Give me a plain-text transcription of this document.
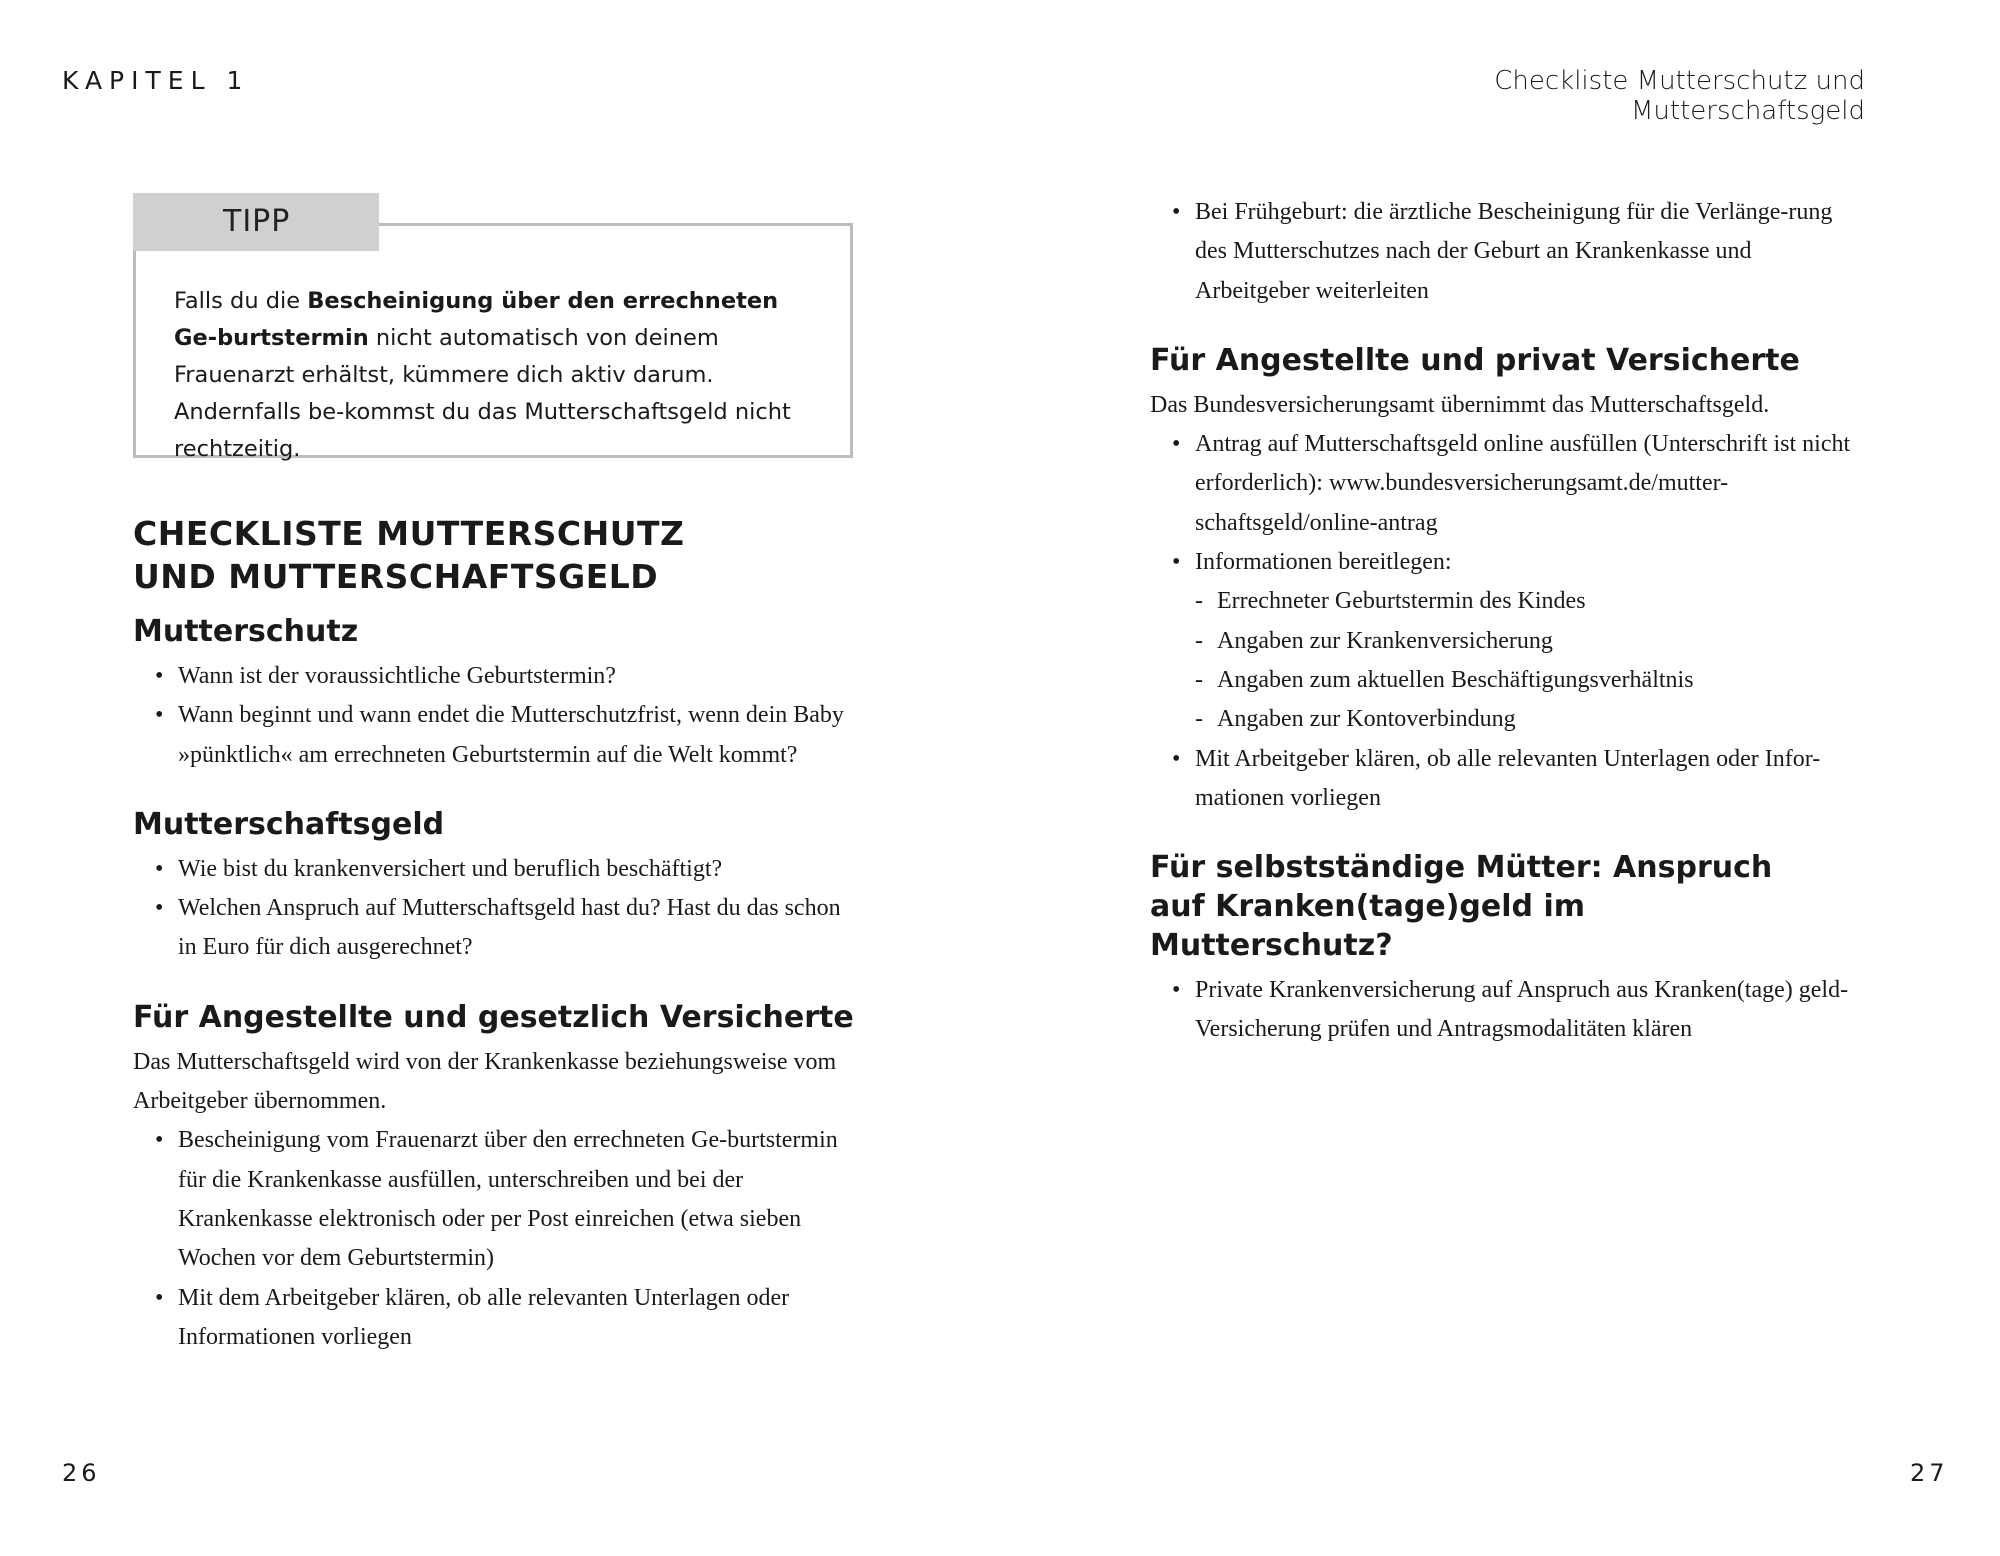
KAPITEL 1	Checkliste Mutterschutz und Mutterschaftsgeld
TIPP

Falls du die Bescheinigung über den errechneten Ge-burtstermin nicht automatisch von deinem Frauenarzt erhältst, kümmere dich aktiv darum. Andernfalls be-kommst du das Mutterschaftsgeld nicht rechtzeitig.

CHECKLISTE MUTTERSCHUTZ UND MUTTERSCHAFTSGELD
Mutterschutz
• Wann ist der voraussichtliche Geburtstermin?
• Wann beginnt und wann endet die Mutterschutzfrist, wenn dein Baby »pünktlich« am errechneten Geburtstermin auf die Welt kommt?
Mutterschaftsgeld
• Wie bist du krankenversichert und beruflich beschäftigt?
• Welchen Anspruch auf Mutterschaftsgeld hast du? Hast du das schon in Euro für dich ausgerechnet?
Für Angestellte und gesetzlich Versicherte

Das Mutterschaftsgeld wird von der Krankenkasse beziehungsweise vom Arbeitgeber übernommen.

• Bescheinigung vom Frauenarzt über den errechneten Ge-burtstermin für die Krankenkasse ausfüllen, unterschreiben und bei der Krankenkasse elektronisch oder per Post einreichen (etwa sieben Wochen vor dem Geburtstermin)
• Mit dem Arbeitgeber klären, ob alle relevanten Unterlagen oder Informationen vorliegen
• Bei Frühgeburt: die ärztliche Bescheinigung für die Verlänge-rung des Mutterschutzes nach der Geburt an Krankenkasse und Arbeitgeber weiterleiten
Für Angestellte und privat Versicherte

Das Bundesversicherungsamt übernimmt das Mutterschaftsgeld.

• Antrag auf Mutterschaftsgeld online ausfüllen (Unterschrift ist nicht erforderlich): www.bundesversicherungsamt.de/mutter-schaftsgeld/online-antrag
• Informationen bereitlegen:
- Errechneter Geburtstermin des Kindes
- Angaben zur Krankenversicherung
- Angaben zum aktuellen Beschäftigungsverhältnis
- Angaben zur Kontoverbindung
• Mit Arbeitgeber klären, ob alle relevanten Unterlagen oder Infor-mationen vorliegen
Für selbstständige Mütter: Anspruch auf Kranken(tage)geld im Mutterschutz?
• Private Krankenversicherung auf Anspruch aus Kranken(tage) geld-Versicherung prüfen und Antragsmodalitäten klären
26	27
